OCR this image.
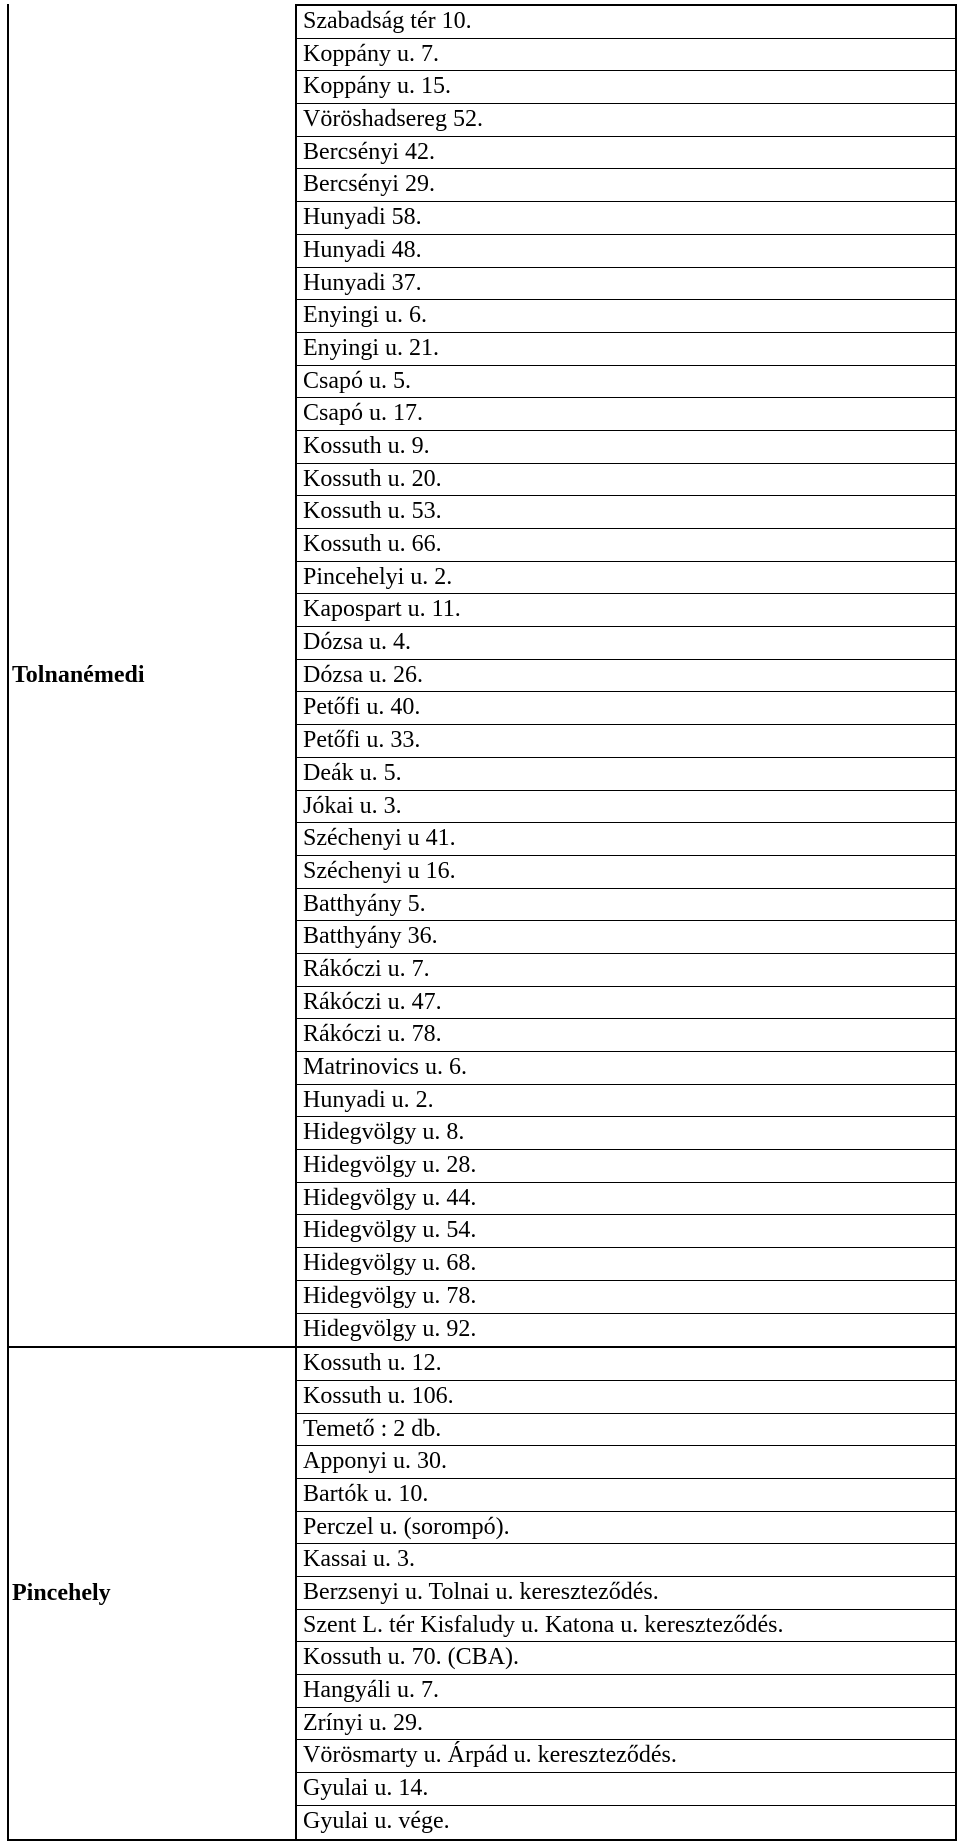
Tolnanémedi
Szabadság tér 10.
Koppány u. 7.
Koppány u. 15.
Vöröshadsereg 52.
Bercsényi 42.
Bercsényi 29.
Hunyadi 58.
Hunyadi 48.
Hunyadi 37.
Enyingi u. 6.
Enyingi u. 21.
Csapó u. 5.
Csapó u. 17.
Kossuth u. 9.
Kossuth u. 20.
Kossuth u. 53.
Kossuth u. 66.
Pincehelyi u. 2.
Kapospart u. 11.
Dózsa u. 4.
Dózsa u. 26.
Petőfi u. 40.
Petőfi u. 33.
Deák u. 5.
Jókai u. 3.
Széchenyi u 41.
Széchenyi u 16.
Batthyány 5.
Batthyány 36.
Rákóczi u. 7.
Rákóczi u. 47.
Rákóczi u. 78.
Matrinovics u. 6.
Hunyadi u. 2.
Hidegvölgy u. 8.
Hidegvölgy u. 28.
Hidegvölgy u. 44.
Hidegvölgy u. 54.
Hidegvölgy u. 68.
Hidegvölgy u. 78.
Hidegvölgy u. 92.
Pincehely
Kossuth u. 12.
Kossuth u. 106.
Temető : 2 db.
Apponyi u. 30.
Bartók u. 10.
Perczel u. (sorompó).
Kassai u. 3.
Berzsenyi u. Tolnai u. kereszteződés.
Szent L. tér Kisfaludy u. Katona u. kereszteződés.
Kossuth u. 70. (CBA).
Hangyáli u. 7.
Zrínyi u. 29.
Vörösmarty u. Árpád u. kereszteződés.
Gyulai u. 14.
Gyulai u. vége.
